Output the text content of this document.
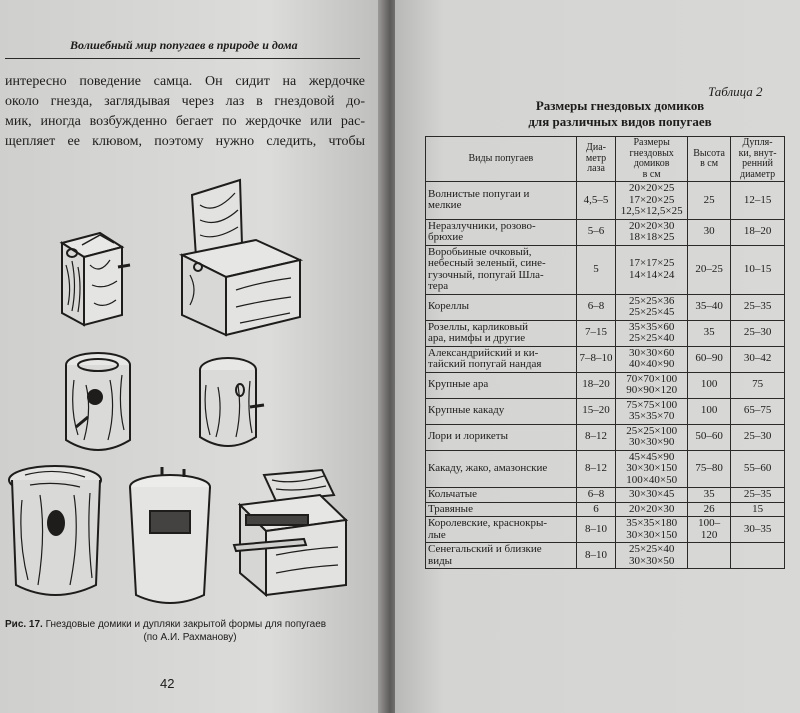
Волшебный мир попугаев в природе и дома
интересно поведение самца. Он сидит на жердочке
около гнезда, заглядывая через лаз в гнездовой до-
мик, иногда возбужденно бегает по жердочке или рас-
щепляет ее клювом, поэтому нужно следить, чтобы
Рис. 17. Гнездовые домики и дупляки закрытой формы для попугаев
(по А.И. Рахманову)
42
Таблица 2
Размеры гнездовых домиков
для различных видов попугаев
Виды попугаев	Диа-
метр
лаза	Размеры
гнездовых
домиков
в см	Высота
в см	Дупля-
ки, внут-
ренний
диаметр

Волнистые попугаи и
мелкие	4,5–5	20×20×25
17×20×25
12,5×12,5×25	25	12–15

Неразлучники, розово-
брюхие	5–6	20×20×30
18×18×25	30	18–20

Воробьиные очковый,
небесный зеленый, сине-
гузочный, попугай Шла-
тера	5	17×17×25
14×14×24	20–25	10–15

Кореллы	6–8	25×25×36
25×25×45	35–40	25–35

Розеллы, карликовый
ара, нимфы и другие	7–15	35×35×60
25×25×40	35	25–30

Александрийский и ки-
тайский попугай нандая	7–8–10	30×30×60
40×40×90	60–90	30–42

Крупные ара	18–20	70×70×100
90×90×120	100	75

Крупные какаду	15–20	75×75×100
35×35×70	100	65–75

Лори и лорикеты	8–12	25×25×100
30×30×90	50–60	25–30

Какаду, жако, амазонские	8–12	45×45×90
30×30×150
100×40×50	75–80	55–60

Кольчатые	6–8	30×30×45	35	25–35

Травяные	6	20×20×30	26	15

Королевские, краснокры-
лые	8–10	35×35×180
30×30×150	100–120	30–35

Сенегальский и близкие
виды	8–10	25×25×40
30×30×50		
